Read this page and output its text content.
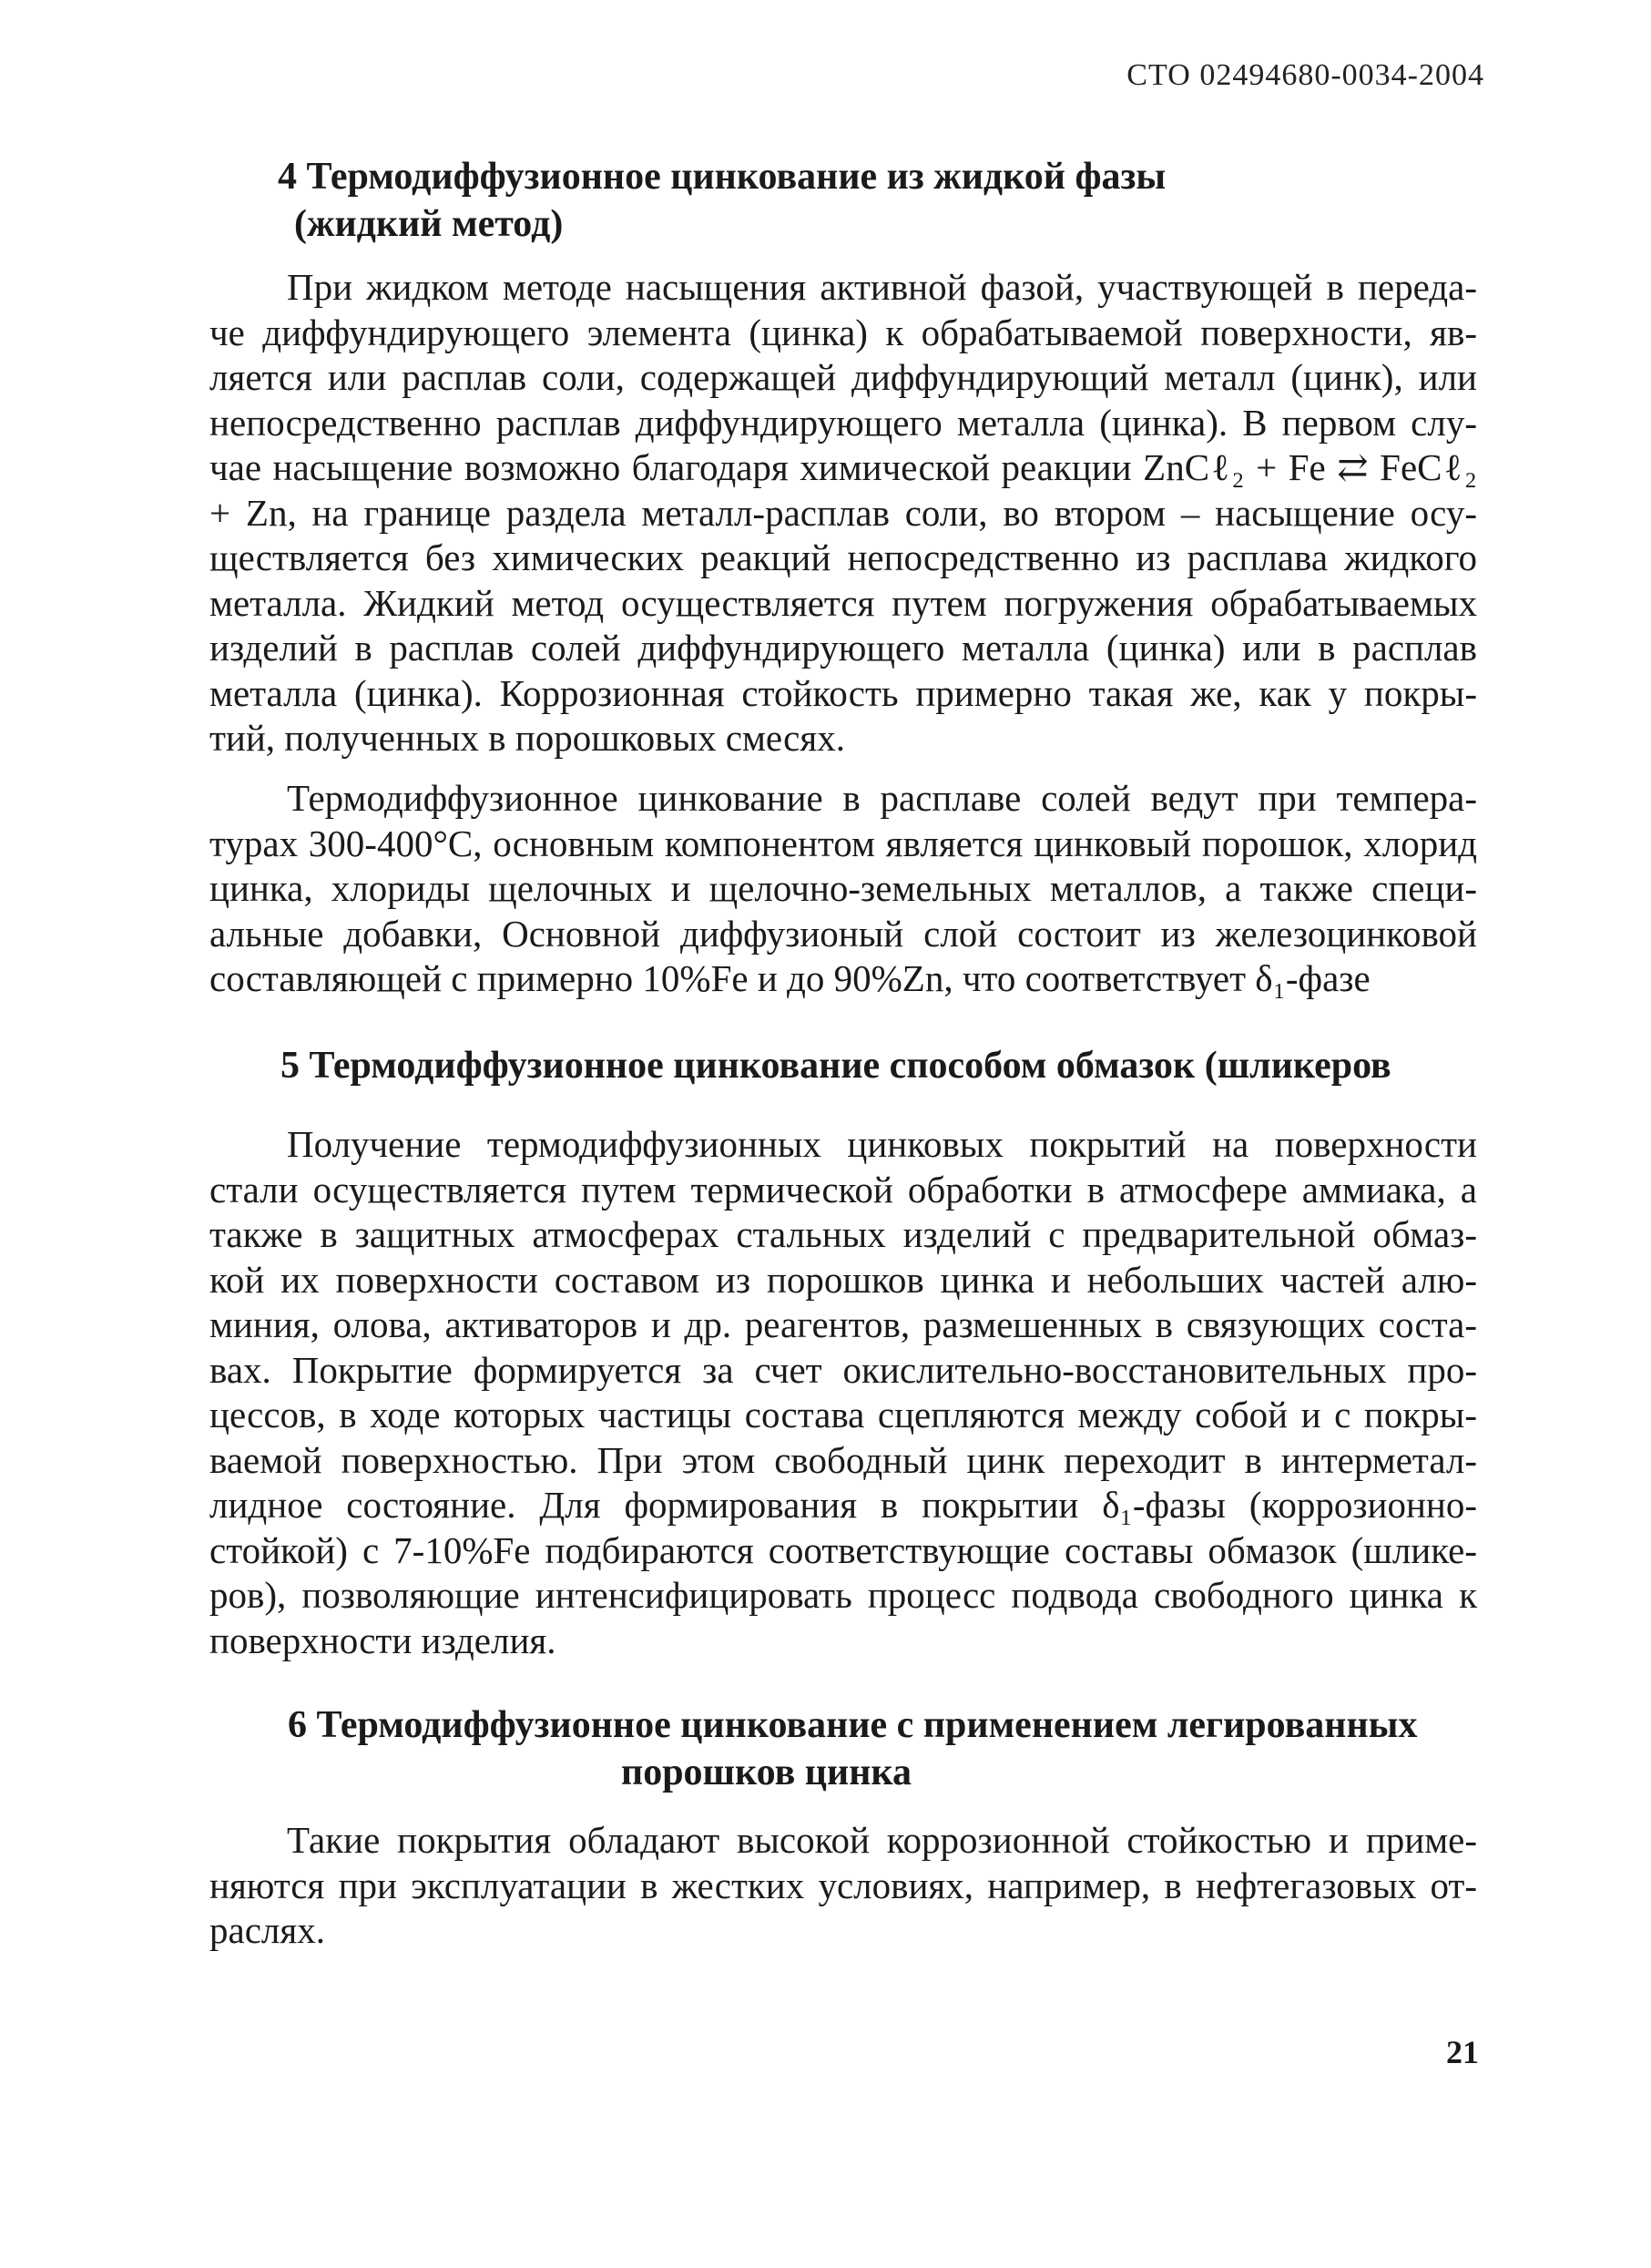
СТО 02494680-0034-2004
4 Термодиффузионное цинкование из жидкой фазы
(жидкий метод)
При жидком методе насыщения активной фазой, участвующей в переда-
че диффундирующего элемента (цинка) к обрабатываемой поверхности, яв-
ляется или расплав соли, содержащей диффундирующий металл (цинк), или
непосредственно расплав диффундирующего металла (цинка). В первом слу-
чае насыщение возможно благодаря химической реакции ZnCℓ₂ + Fe ⇄ FeCℓ₂
+ Zn, на границе раздела металл-расплав соли, во втором – насыщение осу-
ществляется без химических реакций непосредственно из расплава жидкого
металла. Жидкий метод осуществляется путем погружения обрабатываемых
изделий в расплав солей диффундирующего металла (цинка) или в расплав
металла (цинка). Коррозионная стойкость примерно такая же, как у покры-
тий, полученных в порошковых смесях.
Термодиффузионное цинкование в расплаве солей ведут при темпера-
турах 300-400°С, основным компонентом является цинковый порошок, хлорид
цинка, хлориды щелочных и щелочно-земельных металлов, а также специ-
альные добавки, Основной диффузионый слой состоит из железоцинковой
составляющей с примерно 10%Fe и до 90%Zn, что соответствует δ₁-фазе
5 Термодиффузионное цинкование способом обмазок (шликеров
Получение термодиффузионных цинковых покрытий на поверхности
стали осуществляется путем термической обработки в атмосфере аммиака, а
также в защитных атмосферах стальных изделий с предварительной обмаз-
кой их поверхности составом из порошков цинка и небольших частей алю-
миния, олова, активаторов и др. реагентов, размешенных в связующих соста-
вах. Покрытие формируется за счет окислительно-восстановительных про-
цессов, в ходе которых частицы состава сцепляются между собой и с покры-
ваемой поверхностью. При этом свободный цинк переходит в интерметал-
лидное состояние. Для формирования в покрытии δ₁-фазы (коррозионно-
стойкой) с 7-10%Fe подбираются соответствующие составы обмазок (шлике-
ров), позволяющие интенсифицировать процесс подвода свободного цинка к
поверхности изделия.
6 Термодиффузионное цинкование с применением легированных
порошков цинка
Такие покрытия обладают высокой коррозионной стойкостью и приме-
няются при эксплуатации в жестких условиях, например, в нефтегазовых от-
раслях.
21
